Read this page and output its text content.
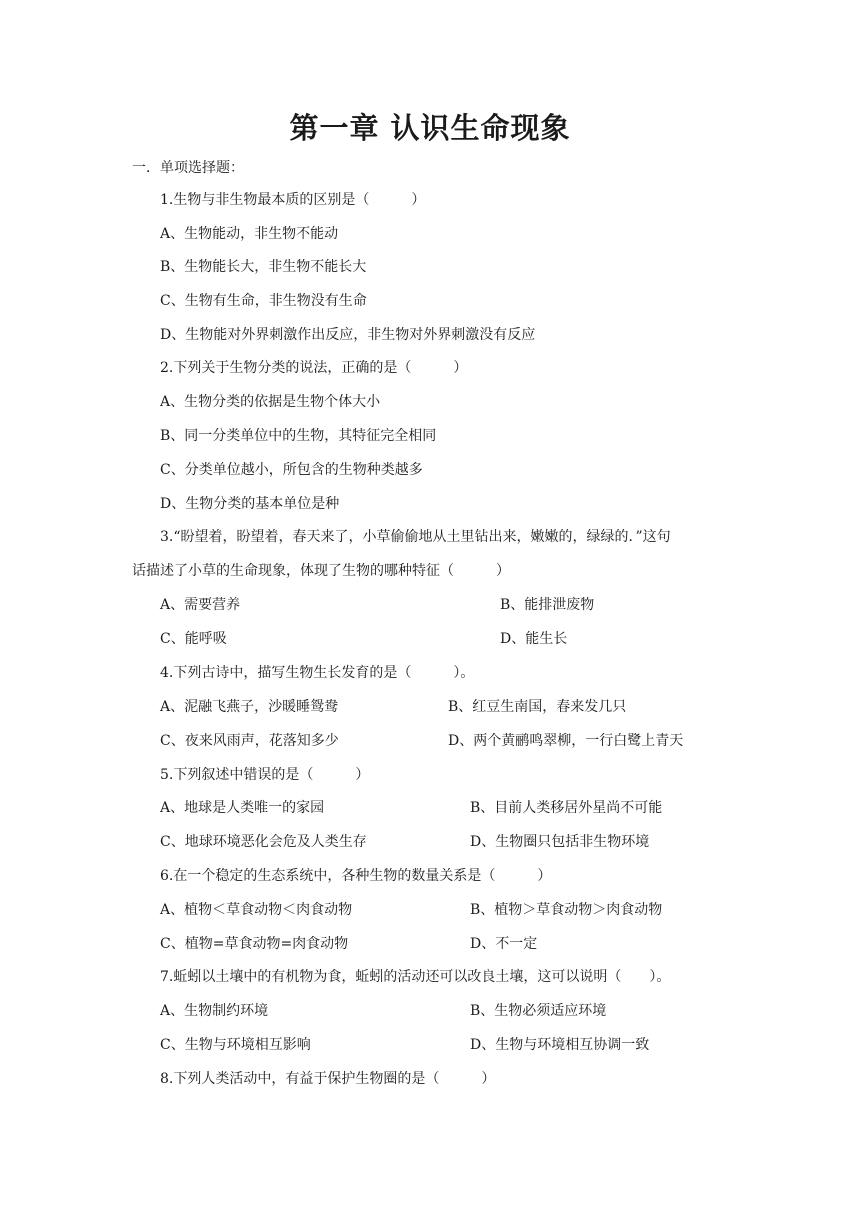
第一章 认识生命现象
一．单项选择题：
1.生物与非生物最本质的区别是（　　　）
A、生物能动，非生物不能动
B、生物能长大，非生物不能长大
C、生物有生命，非生物没有生命
D、生物能对外界刺激作出反应，非生物对外界刺激没有反应
2.下列关于生物分类的说法，正确的是（　　　）
A、生物分类的依据是生物个体大小
B、同一分类单位中的生物，其特征完全相同
C、分类单位越小，所包含的生物种类越多
D、生物分类的基本单位是种
3.“盼望着，盼望着，春天来了，小草偷偷地从土里钻出来，嫩嫩的，绿绿的．”这句
话描述了小草的生命现象，体现了生物的哪种特征（　　　）
A、需要营养	B、能排泄废物
C、能呼吸	D、能生长
4.下列古诗中，描写生物生长发育的是（　　　）。
A、泥融飞燕子，沙暖睡鸳鸯	B、红豆生南国，春来发几只
C、夜来风雨声，花落知多少	D、两个黄鹂鸣翠柳，一行白鹭上青天
5.下列叙述中错误的是（　　　）
A、地球是人类唯一的家园	B、目前人类移居外星尚不可能
C、地球环境恶化会危及人类生存	D、生物圈只包括非生物环境
6.在一个稳定的生态系统中，各种生物的数量关系是（　　　）
A、植物＜草食动物＜肉食动物	B、植物＞草食动物＞肉食动物
C、植物=草食动物=肉食动物	D、不一定
7.蚯蚓以土壤中的有机物为食，蚯蚓的活动还可以改良土壤，这可以说明（　　）。
A、生物制约环境	B、生物必须适应环境
C、生物与环境相互影响	D、生物与环境相互协调一致
8.下列人类活动中，有益于保护生物圈的是（　　　）
